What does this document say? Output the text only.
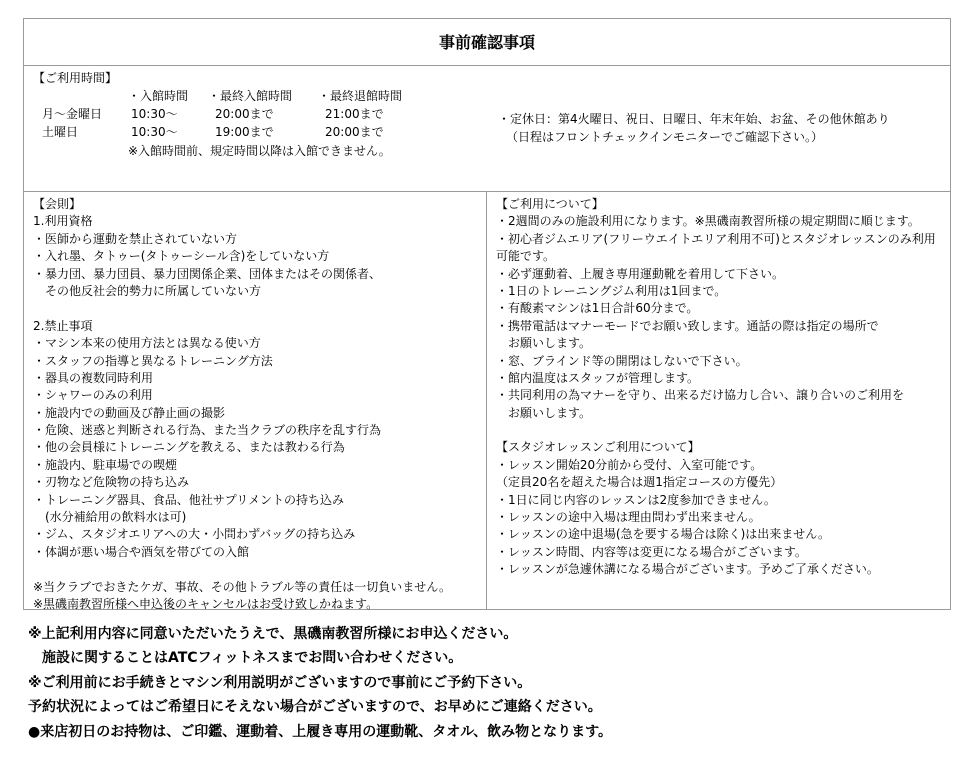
事前確認事項
【ご利用時間】
・入館時間 ・最終入館時間 ・最終退館時間
月～金曜日 10:30～	20:00まで	21:00まで
土曜日	10:30～	19:00まで	20:00まで
※入館時間前、規定時間以降は入館できません。
・定休日：第4火曜日、祝日、日曜日、年末年始、お盆、その他休館あり
（日程はフロントチェックインモニターでご確認下さい。）
【会則】
1.利用資格
・医師から運動を禁止されていない方
・入れ墨、タトゥー(タトゥーシール含)をしていない方
・暴力団、暴力団員、暴力団関係企業、団体またはその関係者、
　その他反社会的勢力に所属していない方
2.禁止事項
・マシン本来の使用方法とは異なる使い方
・スタッフの指導と異なるトレーニング方法
・器具の複数同時利用
・シャワーのみの利用
・施設内での動画及び静止画の撮影
・危険、迷惑と判断される行為、また当クラブの秩序を乱す行為
・他の会員様にトレーニングを教える、または教わる行為
・施設内、駐車場での喫煙
・刃物など危険物の持ち込み
・トレーニング器具、食品、他社サプリメントの持ち込み
　(水分補給用の飲料水は可)
・ジム、スタジオエリアへの大・小問わずバッグの持ち込み
・体調が悪い場合や酒気を帯びての入館
※当クラブでおきたケガ、事故、その他トラブル等の責任は一切負いません。
※黒磯南教習所様へ申込後のキャンセルはお受け致しかねます。
【ご利用について】
・2週間のみの施設利用になります。※黒磯南教習所様の規定期間に順じます。
・初心者ジムエリア(フリーウエイトエリア利用不可)とスタジオレッスンのみ利用
可能です。
・必ず運動着、上履き専用運動靴を着用して下さい。
・1日のトレーニングジム利用は1回まで。
・有酸素マシンは1日合計60分まで。
・携帯電話はマナーモードでお願い致します。通話の際は指定の場所で
　お願いします。
・窓、ブラインド等の開閉はしないで下さい。
・館内温度はスタッフが管理します。
・共同利用の為マナーを守り、出来るだけ協力し合い、譲り合いのご利用を
　お願いします。
【スタジオレッスンご利用について】
・レッスン開始20分前から受付、入室可能です。
（定員20名を超えた場合は週1指定コースの方優先）
・1日に同じ内容のレッスンは2度参加できません。
・レッスンの途中入場は理由問わず出来ません。
・レッスンの途中退場(急を要する場合は除く)は出来ません。
・レッスン時間、内容等は変更になる場合がございます。
・レッスンが急遽休講になる場合がございます。予めご了承ください。
※上記利用内容に同意いただいたうえで、黒磯南教習所様にお申込ください。
　施設に関することはATCフィットネスまでお問い合わせください。
※ご利用前にお手続きとマシン利用説明がございますので事前にご予約下さい。
予約状況によってはご希望日にそえない場合がございますので、お早めにご連絡ください。
●来店初日のお持物は、ご印鑑、運動着、上履き専用の運動靴、タオル、飲み物となります。
